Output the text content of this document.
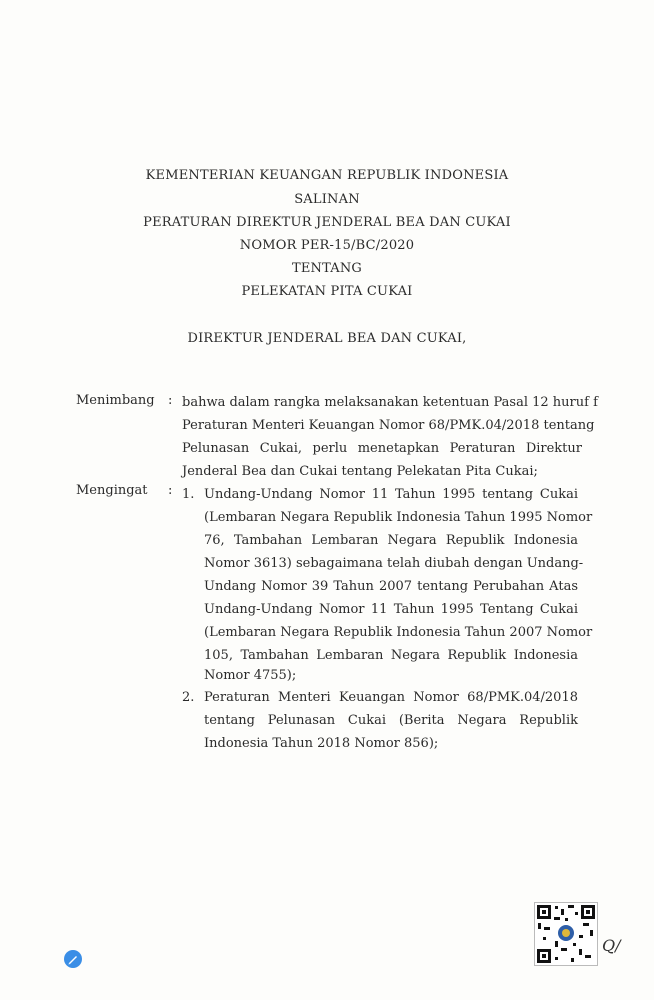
KEMENTERIAN KEUANGAN REPUBLIK INDONESIA
SALINAN
PERATURAN DIREKTUR JENDERAL BEA DAN CUKAI
NOMOR PER-15/BC/2020
TENTANG
PELEKATAN PITA CUKAI
DIREKTUR JENDERAL BEA DAN CUKAI,
Menimbang : bahwa dalam rangka melaksanakan ketentuan Pasal 12 huruf f
Peraturan Menteri Keuangan Nomor 68/PMK.04/2018 tentang
Pelunasan Cukai, perlu menetapkan Peraturan Direktur
Jenderal Bea dan Cukai tentang Pelekatan Pita Cukai;
Mengingat : 1. Undang-Undang Nomor 11 Tahun 1995 tentang Cukai
(Lembaran Negara Republik Indonesia Tahun 1995 Nomor
76, Tambahan Lembaran Negara Republik Indonesia
Nomor 3613) sebagaimana telah diubah dengan Undang-
Undang Nomor 39 Tahun 2007 tentang Perubahan Atas
Undang-Undang Nomor 11 Tahun 1995 Tentang Cukai
(Lembaran Negara Republik Indonesia Tahun 2007 Nomor
105, Tambahan Lembaran Negara Republik Indonesia
Nomor 4755);
2. Peraturan Menteri Keuangan Nomor 68/PMK.04/2018
tentang Pelunasan Cukai (Berita Negara Republik
Indonesia Tahun 2018 Nomor 856);
Q/
